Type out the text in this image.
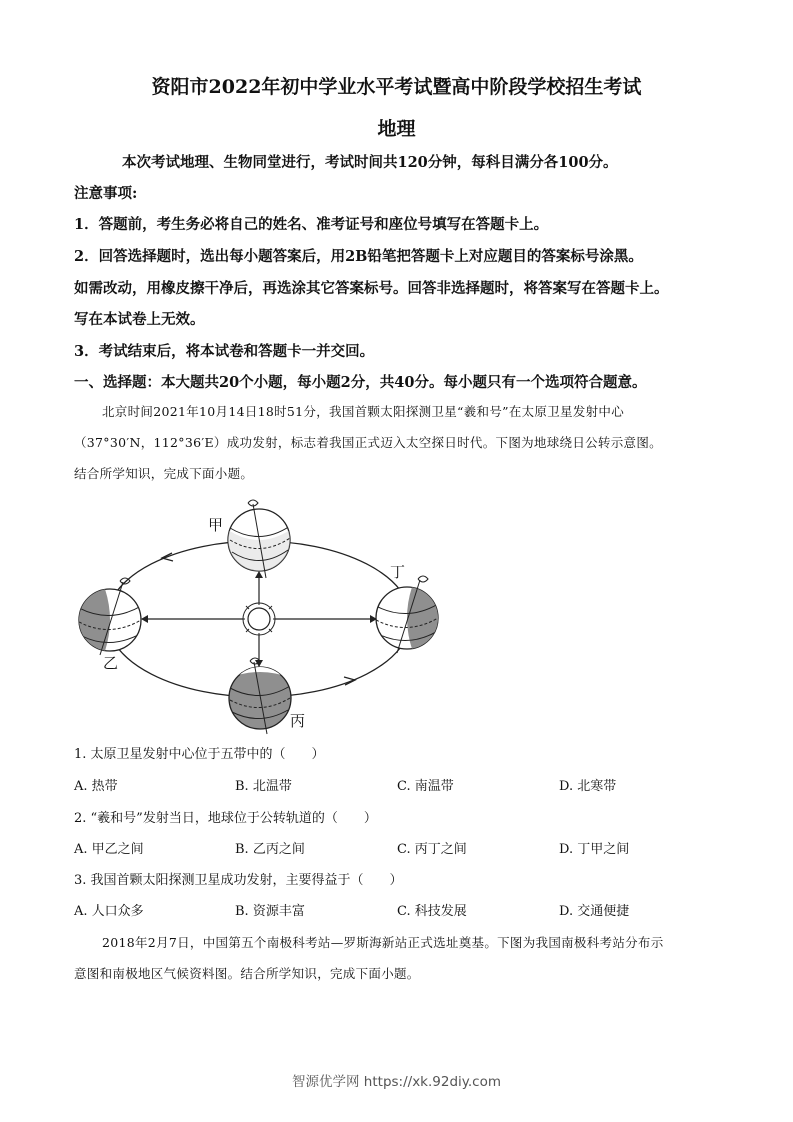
资阳市2022年初中学业水平考试暨高中阶段学校招生考试
地理
本次考试地理、生物同堂进行，考试时间共120分钟，每科目满分各100分。
注意事项:
1．答题前，考生务必将自己的姓名、准考证号和座位号填写在答题卡上。
2．回答选择题时，选出每小题答案后，用2B铅笔把答题卡上对应题目的答案标号涂黑。
如需改动，用橡皮擦干净后，再选涂其它答案标号。回答非选择题时，将答案写在答题卡上。
写在本试卷上无效。
3．考试结束后，将本试卷和答题卡一并交回。
一、选择题：本大题共20个小题，每小题2分，共40分。每小题只有一个选项符合题意。
北京时间2021年10月14日18时51分，我国首颗太阳探测卫星“羲和号”在太原卫星发射中心
（37°30′N，112°36′E）成功发射，标志着我国正式迈入太空探日时代。下图为地球绕日公转示意图。
结合所学知识，完成下面小题。
甲
乙
丁
丙
1. 太原卫星发射中心位于五带中的（　　）
A. 热带	B. 北温带	C. 南温带	D. 北寒带
2. “羲和号”发射当日，地球位于公转轨道的（　　）
A. 甲乙之间	B. 乙丙之间	C. 丙丁之间	D. 丁甲之间
3. 我国首颗太阳探测卫星成功发射，主要得益于（　　）
A. 人口众多	B. 资源丰富	C. 科技发展	D. 交通便捷
2018年2月7日，中国第五个南极科考站—罗斯海新站正式选址奠基。下图为我国南极科考站分布示
意图和南极地区气候资料图。结合所学知识，完成下面小题。
智源优学网 https://xk.92diy.com
